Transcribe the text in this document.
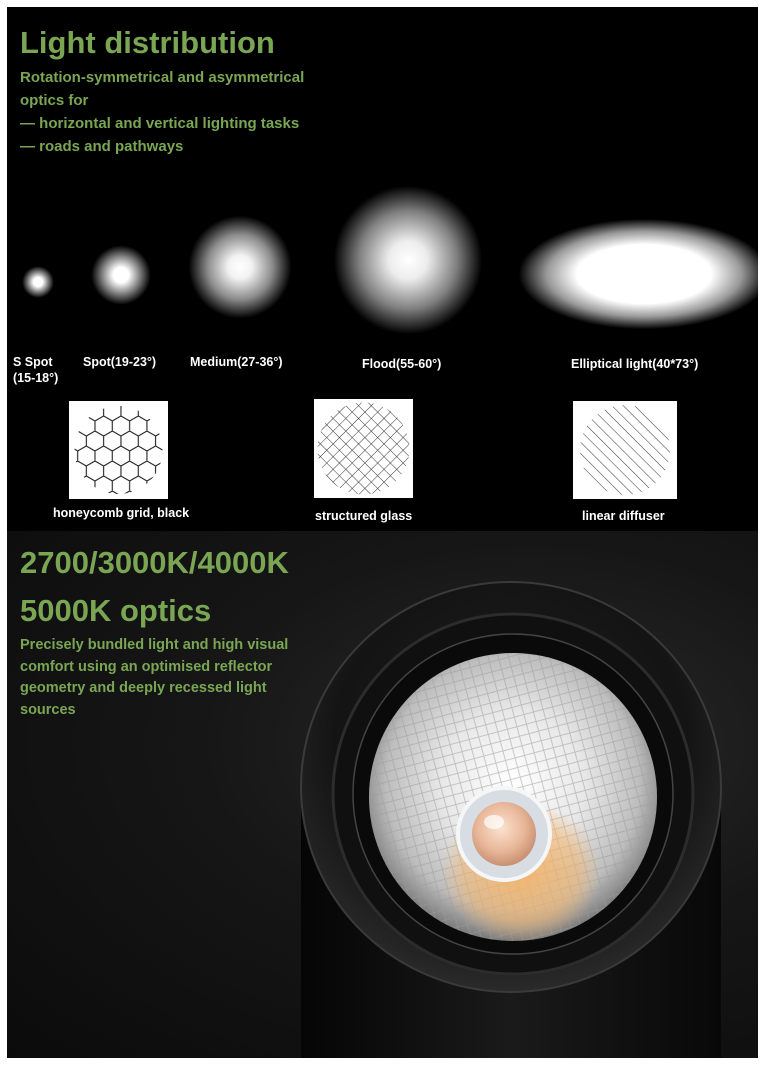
Light distribution
Rotation-symmetrical and asymmetrical
optics for
— horizontal and vertical lighting tasks
— roads and pathways
S Spot
(15-18°)
Spot(19-23°)	Medium(27-36°)	Flood(55-60°)	Elliptical light(40*73°)
honeycomb grid, black	structured glass	linear diffuser
2700/3000K/4000K
5000K optics
Precisely bundled light and high visual
comfort using an optimised reflector
geometry and deeply recessed light
sources
